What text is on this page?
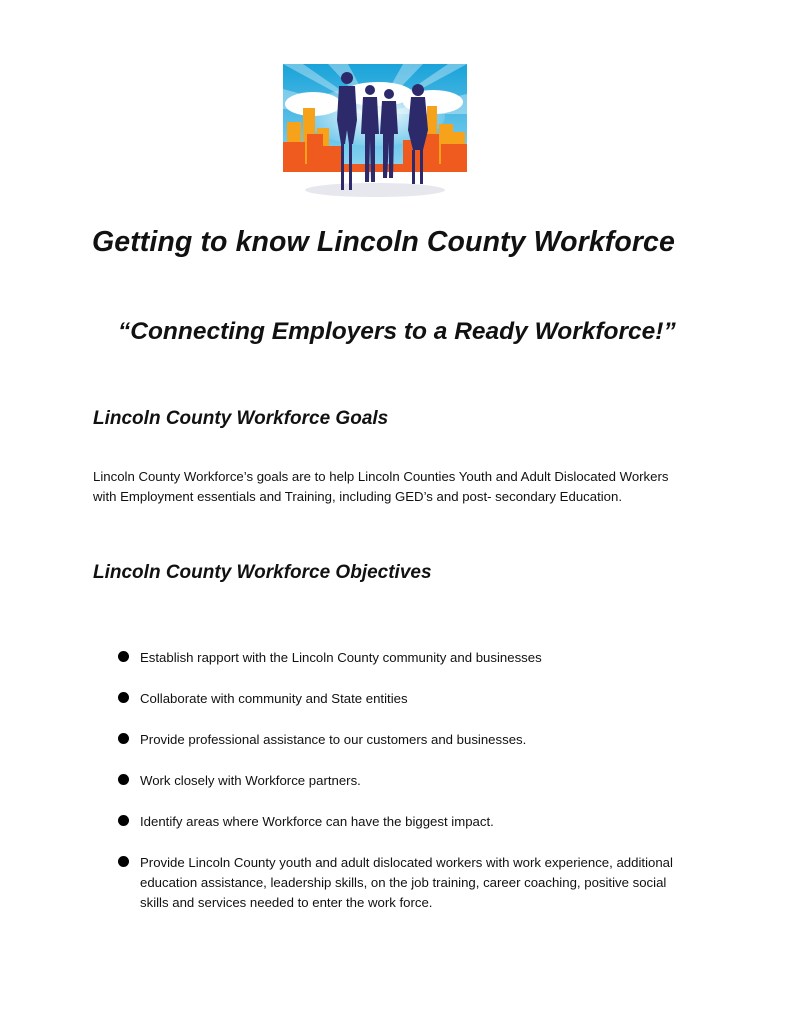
Getting to know Lincoln County Workforce
“Connecting Employers to a Ready Workforce!”
Lincoln County Workforce Goals

Lincoln County Workforce’s goals are to help Lincoln Counties Youth and Adult Dislocated Workers with Employment essentials and Training, including GED’s and post- secondary Education.

Lincoln County Workforce Objectives
Establish rapport with the Lincoln County community and businesses
Collaborate with community and State entities
Provide professional assistance to our customers and businesses.
Work closely with Workforce partners.
Identify areas where Workforce can have the biggest impact.
Provide Lincoln County youth and adult dislocated workers with work experience, additional education assistance, leadership skills, on the job training, career coaching, positive social skills and services needed to enter the work force.
